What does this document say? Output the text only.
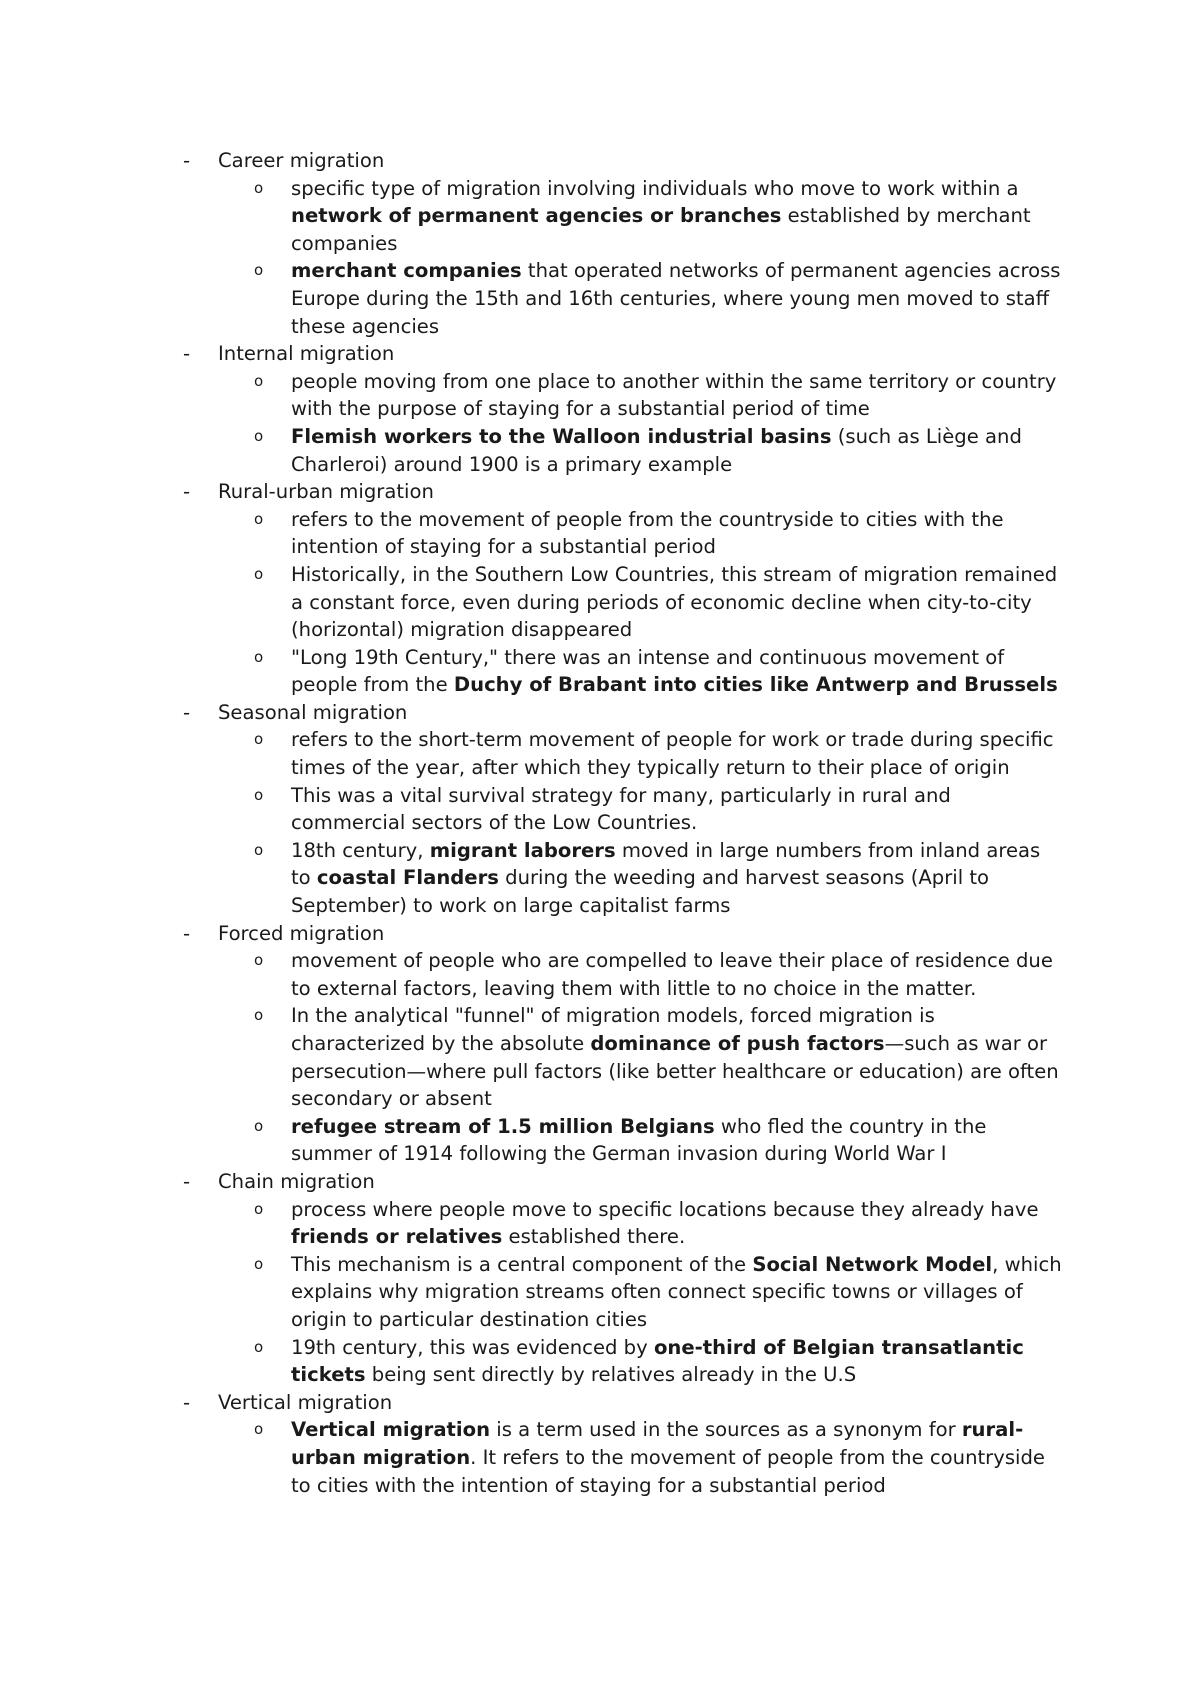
- Career migration
o specific type of migration involving individuals who move to work within a network of permanent agencies or branches established by merchant companies
o merchant companies that operated networks of permanent agencies across Europe during the 15th and 16th centuries, where young men moved to staff these agencies
- Internal migration
o people moving from one place to another within the same territory or country with the purpose of staying for a substantial period of time
o Flemish workers to the Walloon industrial basins (such as Liège and Charleroi) around 1900 is a primary example
- Rural-urban migration
o refers to the movement of people from the countryside to cities with the intention of staying for a substantial period
o Historically, in the Southern Low Countries, this stream of migration remained a constant force, even during periods of economic decline when city-to-city (horizontal) migration disappeared
o "Long 19th Century," there was an intense and continuous movement of people from the Duchy of Brabant into cities like Antwerp and Brussels
- Seasonal migration
o refers to the short-term movement of people for work or trade during specific times of the year, after which they typically return to their place of origin
o This was a vital survival strategy for many, particularly in rural and commercial sectors of the Low Countries.
o 18th century, migrant laborers moved in large numbers from inland areas to coastal Flanders during the weeding and harvest seasons (April to September) to work on large capitalist farms
- Forced migration
o movement of people who are compelled to leave their place of residence due to external factors, leaving them with little to no choice in the matter.
o In the analytical "funnel" of migration models, forced migration is characterized by the absolute dominance of push factors—such as war or persecution—where pull factors (like better healthcare or education) are often secondary or absent
o refugee stream of 1.5 million Belgians who fled the country in the summer of 1914 following the German invasion during World War I
- Chain migration
o process where people move to specific locations because they already have friends or relatives established there.
o This mechanism is a central component of the Social Network Model, which explains why migration streams often connect specific towns or villages of origin to particular destination cities
o 19th century, this was evidenced by one-third of Belgian transatlantic tickets being sent directly by relatives already in the U.S
- Vertical migration
o Vertical migration is a term used in the sources as a synonym for rural-urban migration. It refers to the movement of people from the countryside to cities with the intention of staying for a substantial period
